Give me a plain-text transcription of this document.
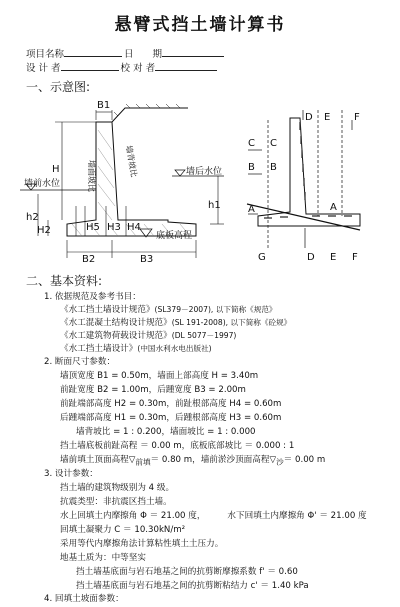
悬臂式挡土墙计算书
项目名称	日　　期
设 计 者	校 对 者
一、示意图:
B1
H
h2
H2	H5 H3 H4
h1
B2	B3
墙前水位
墙后水位
底板高程
墙面坡比	墙背坡比
C
B
A
C
B
A
D E F
G	D E F
二、基本资料:
1. 依据规范及参考书目：
《水工挡土墙设计规范》(SL379－2007), 以下简称《规范》
《水工混凝土结构设计规范》(SL 191-2008), 以下简称《砼规》
《水工建筑物荷载设计规范》(DL 5077－1997)
《水工挡土墙设计》(中国水利水电出版社)
2. 断面尺寸参数：
墙顶宽度 B1 = 0.50m，墙面上部高度 H = 3.40m
前趾宽度 B2 = 1.00m，后踵宽度 B3 = 2.00m
前趾端部高度 H2 = 0.30m，前趾根部高度 H4 = 0.60m
后踵端部高度 H1 = 0.30m，后踵根部高度 H3 = 0.60m
墙背坡比 = 1 : 0.200，墙面坡比 = 1 : 0.000
挡土墙底板前趾高程 ＝ 0.00 m，底板底部坡比 ＝ 0.000 : 1
墙前填土顶面高程$▽_{前填}= 0.80$ m，墙前淤沙顶面高程$▽_沙= 0.00$ m
3. 设计参数：
挡土墙的建筑物级别为 4 级。
抗震类型：非抗震区挡土墙。
水上回填土内摩擦角 Φ ＝ 21.00 度，	水下回填土内摩擦角 Φ' ＝ 21.00 度
回填土凝聚力 C ＝ 10.30kN/m²
采用等代内摩擦角法计算粘性填土土压力。
地基土质为：中等坚实
挡土墙基底面与岩石地基之间的抗剪断摩擦系数 f' ＝ 0.60
挡土墙基底面与岩石地基之间的抗剪断粘结力 c' ＝ 1.40 kPa
4. 回填土坡面参数：
